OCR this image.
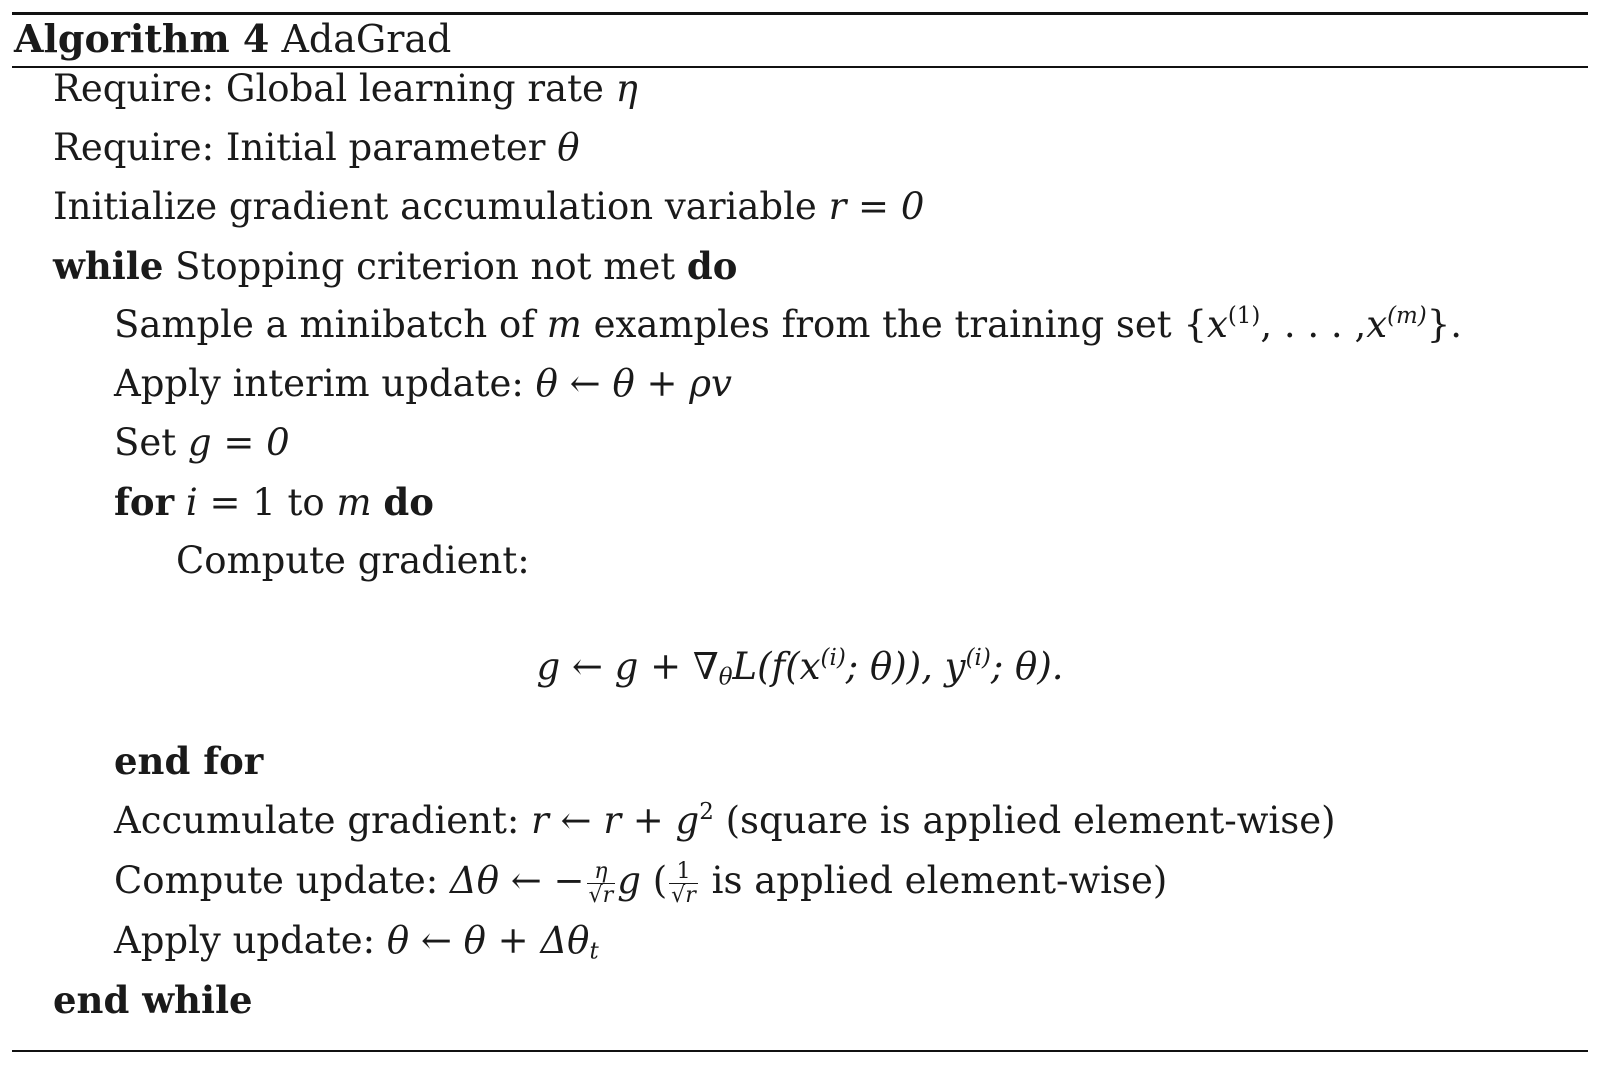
Algorithm 4 AdaGrad
Require: Global learning rate η
Require: Initial parameter θ
Initialize gradient accumulation variable r = 0
while Stopping criterion not met do
Sample a minibatch of m examples from the training set {$x^{(1)}$, . . . $,x^{(m)}$}.
Apply interim update: θ ← θ + ρv
Set g = 0
for i = 1 to m do
Compute gradient:
g ← $g + \nabla_\theta L(f(x^{(i)}$; θ)), $y^{(i)}$; θ).
end for
Accumulate gradient: r ← $r + g^2$ (square is applied element-wise)
Compute update: Δθ ← − $\frac{\eta}{√r}$ g ( $\frac{1}{√r}$ is applied element-wise)
Apply update: θ ← $\theta + \Delta\theta_t$
end while
